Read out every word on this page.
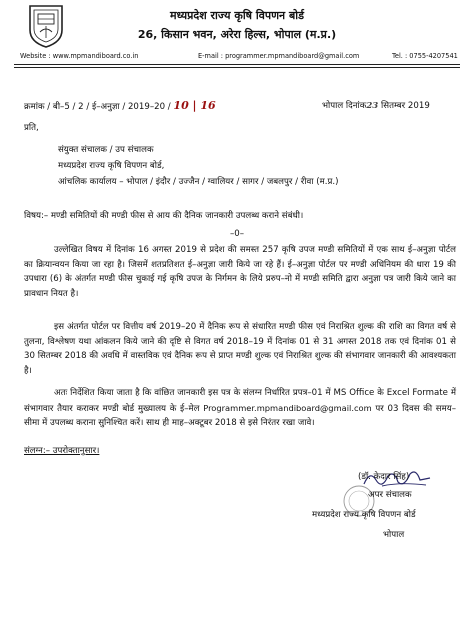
मध्यप्रदेश राज्य कृषि विपणन बोर्ड
26, किसान भवन, अरेरा हिल्स, भोपाल (म.प्र.)
Website : www.mpmandiboard.co.in	E-mail : programmer.mpmandiboard@gmail.com	Tel. : 0755-4207541
क्रमांक / बी–5 / 2 / ई–अनुज्ञा / 2019–20 / 10 | 16	भोपाल दिनांक23 सितम्बर 2019
प्रति,
संयुक्त संचालक / उप संचालक
मध्यप्रदेश राज्य कृषि विपणन बोर्ड,
आंचलिक कार्यालय – भोपाल / इंदौर / उज्जैन / ग्वालियर / सागर / जबलपुर / रीवा (म.प्र.)
विषय:– मण्डी समितियों की मण्डी फीस से आय की दैनिक जानकारी उपलब्ध कराने संबंधी।
–0–
उल्लेखित विषय में दिनांक 16 अगस्त 2019 से प्रदेश की समस्त 257 कृषि उपज मण्डी समितियों में एक साथ ई–अनुज्ञा पोर्टल का क्रियान्वयन किया जा रहा है। जिसमें शतप्रतिशत ई–अनुज्ञा जारी किये जा रहे हैं। ई–अनुज्ञा पोर्टल पर मण्डी अधिनियम की धारा 19 की उपधारा (6) के अंतर्गत मण्डी फीस चुकाई गई कृषि उपज के निर्गमन के लिये प्ररुप–नो में मण्डी समिति द्वारा अनुज्ञा पत्र जारी किये जाने का प्रावधान नियत है।
इस अंतर्गत पोर्टल पर वित्तीय वर्ष 2019–20 में दैनिक रूप से संधारित मण्डी फीस एवं निराश्रित शुल्क की राशि का विगत वर्ष से तुलना, विश्लेषण यथा आंकलन किये जाने की दृष्टि से विगत वर्ष 2018–19 में दिनांक 01 से 31 अगस्त 2018 तक एवं दिनांक 01 से 30 सितम्बर 2018 की अवधि में वास्तविक एवं दैनिक रूप से प्राप्त मण्डी शुल्क एवं निराश्रित शुल्क की संभागवार जानकारी की आवश्यकता है।
अतः निर्देशित किया जाता है कि वांछित जानकारी इस पत्र के संलग्न निर्धारित प्रपत्र–01 में MS Office के Excel Formate में संभागवार तैयार कराकर मण्डी बोर्ड मुख्यालय के ई–मेल Programmer.mpmandiboard@gmail.com पर 03 दिवस की समय–सीमा में उपलब्ध कराना सुनिश्चित करें। साथ ही माह–अक्टूबर 2018 से इसे निरंतर रखा जावे।
संलग्न:– उपरोक्तानुसार।
(डॉ. केदार सिंह)
अपर संचालक
मध्यप्रदेश राज्य कृषि विपणन बोर्ड
भोपाल
